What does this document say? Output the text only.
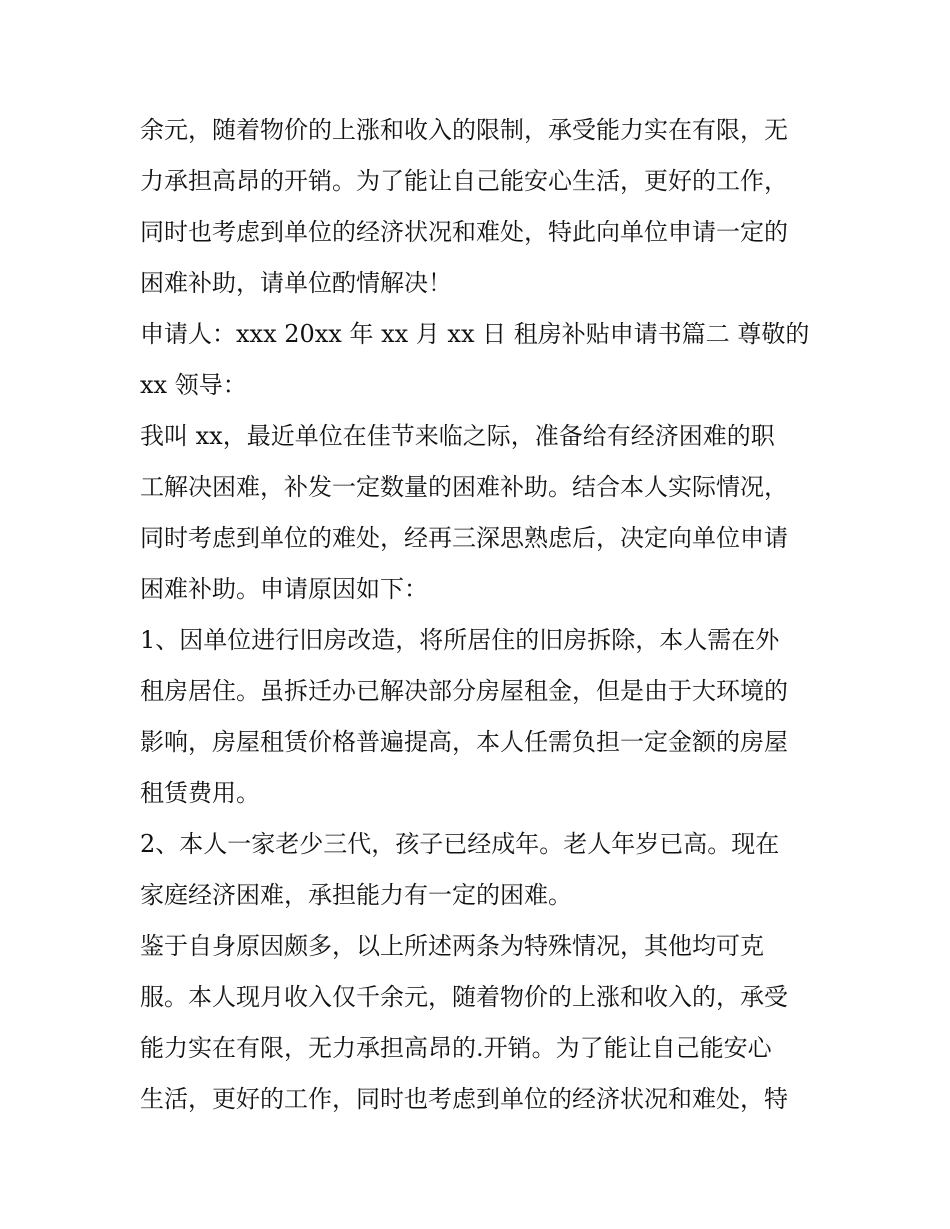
余元，随着物价的上涨和收入的限制，承受能力实在有限，无
力承担高昂的开销。为了能让自己能安心生活，更好的工作，
同时也考虑到单位的经济状况和难处，特此向单位申请一定的
困难补助，请单位酌情解决！
申请人：xxx 20xx 年 xx 月 xx 日 租房补贴申请书篇二 尊敬的
xx 领导：
我叫 xx，最近单位在佳节来临之际，准备给有经济困难的职
工解决困难，补发一定数量的困难补助。结合本人实际情况，
同时考虑到单位的难处，经再三深思熟虑后，决定向单位申请
困难补助。申请原因如下：
1、因单位进行旧房改造，将所居住的旧房拆除，本人需在外
租房居住。虽拆迁办已解决部分房屋租金，但是由于大环境的
影响，房屋租赁价格普遍提高，本人任需负担一定金额的房屋
租赁费用。
2、本人一家老少三代，孩子已经成年。老人年岁已高。现在
家庭经济困难，承担能力有一定的困难。
鉴于自身原因颇多，以上所述两条为特殊情况，其他均可克
服。本人现月收入仅千余元，随着物价的上涨和收入的，承受
能力实在有限，无力承担高昂的.开销。为了能让自己能安心
生活，更好的工作，同时也考虑到单位的经济状况和难处，特
